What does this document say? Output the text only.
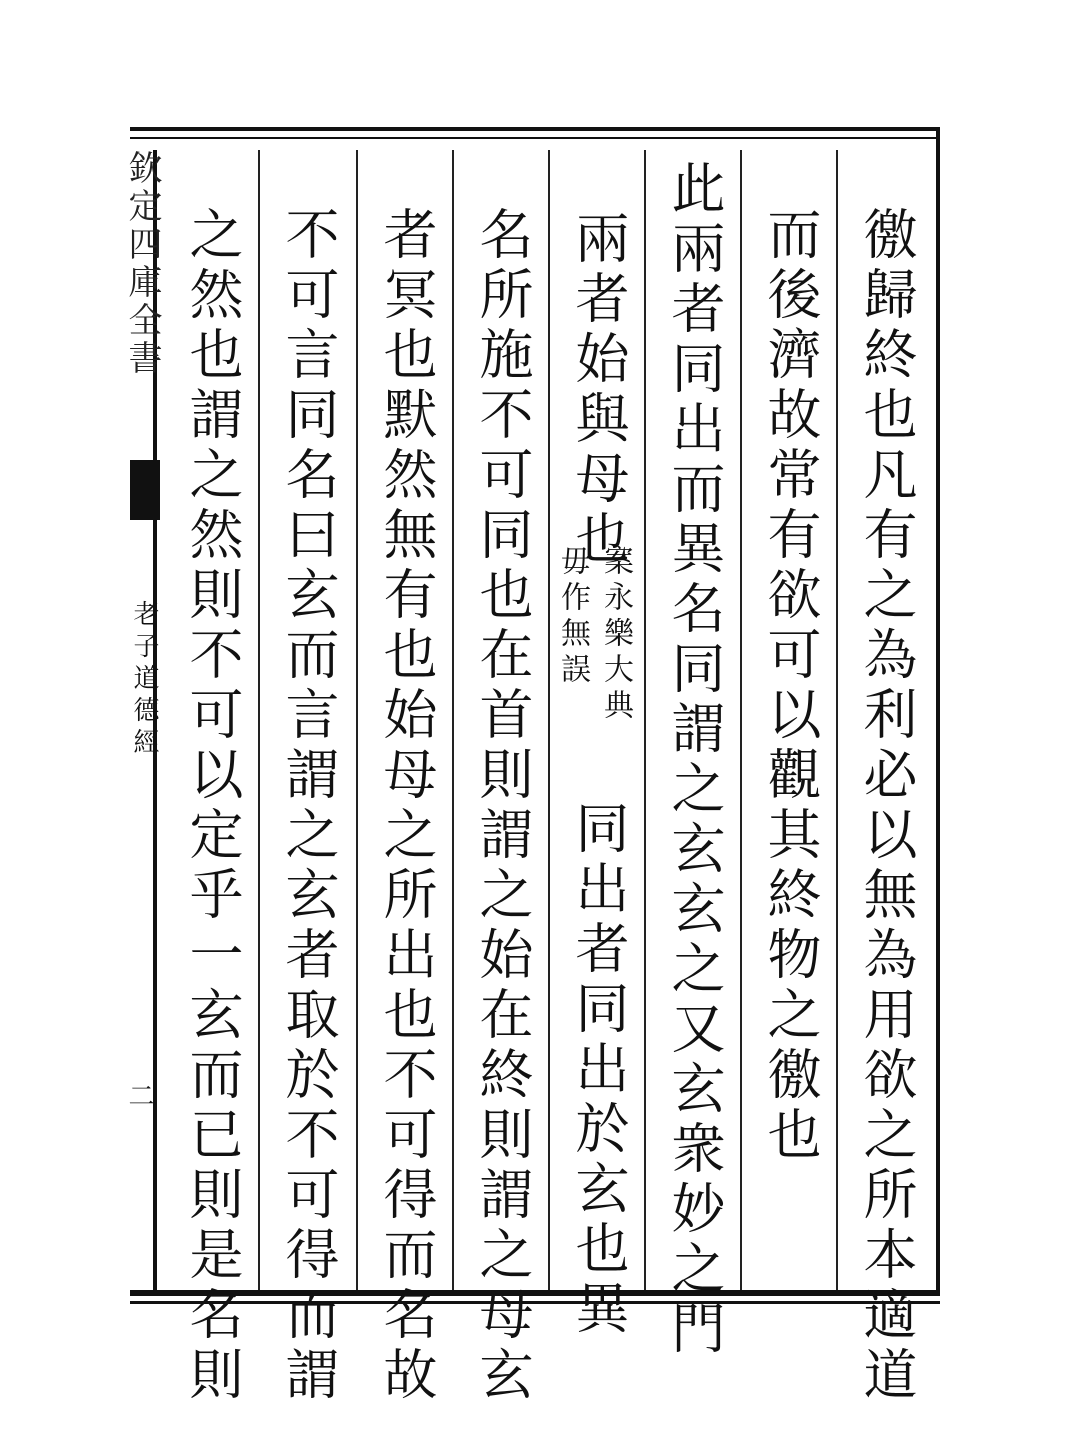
欽定四庫全書
老子道德經
二	徼歸終也凡有之為利必以無為用欲之所本適道
而後濟故常有欲可以觀其終物之徼也
此兩者同出而異名同謂之玄玄之又玄衆妙之門
兩者始與母也
案永樂大典
毋作無誤
同出者同出於玄也異
名所施不可同也在首則謂之始在終則謂之母玄
者冥也默然無有也始母之所出也不可得而名故
不可言同名曰玄而言謂之玄者取於不可得而謂
之然也謂之然則不可以定乎一玄而已則是名則
